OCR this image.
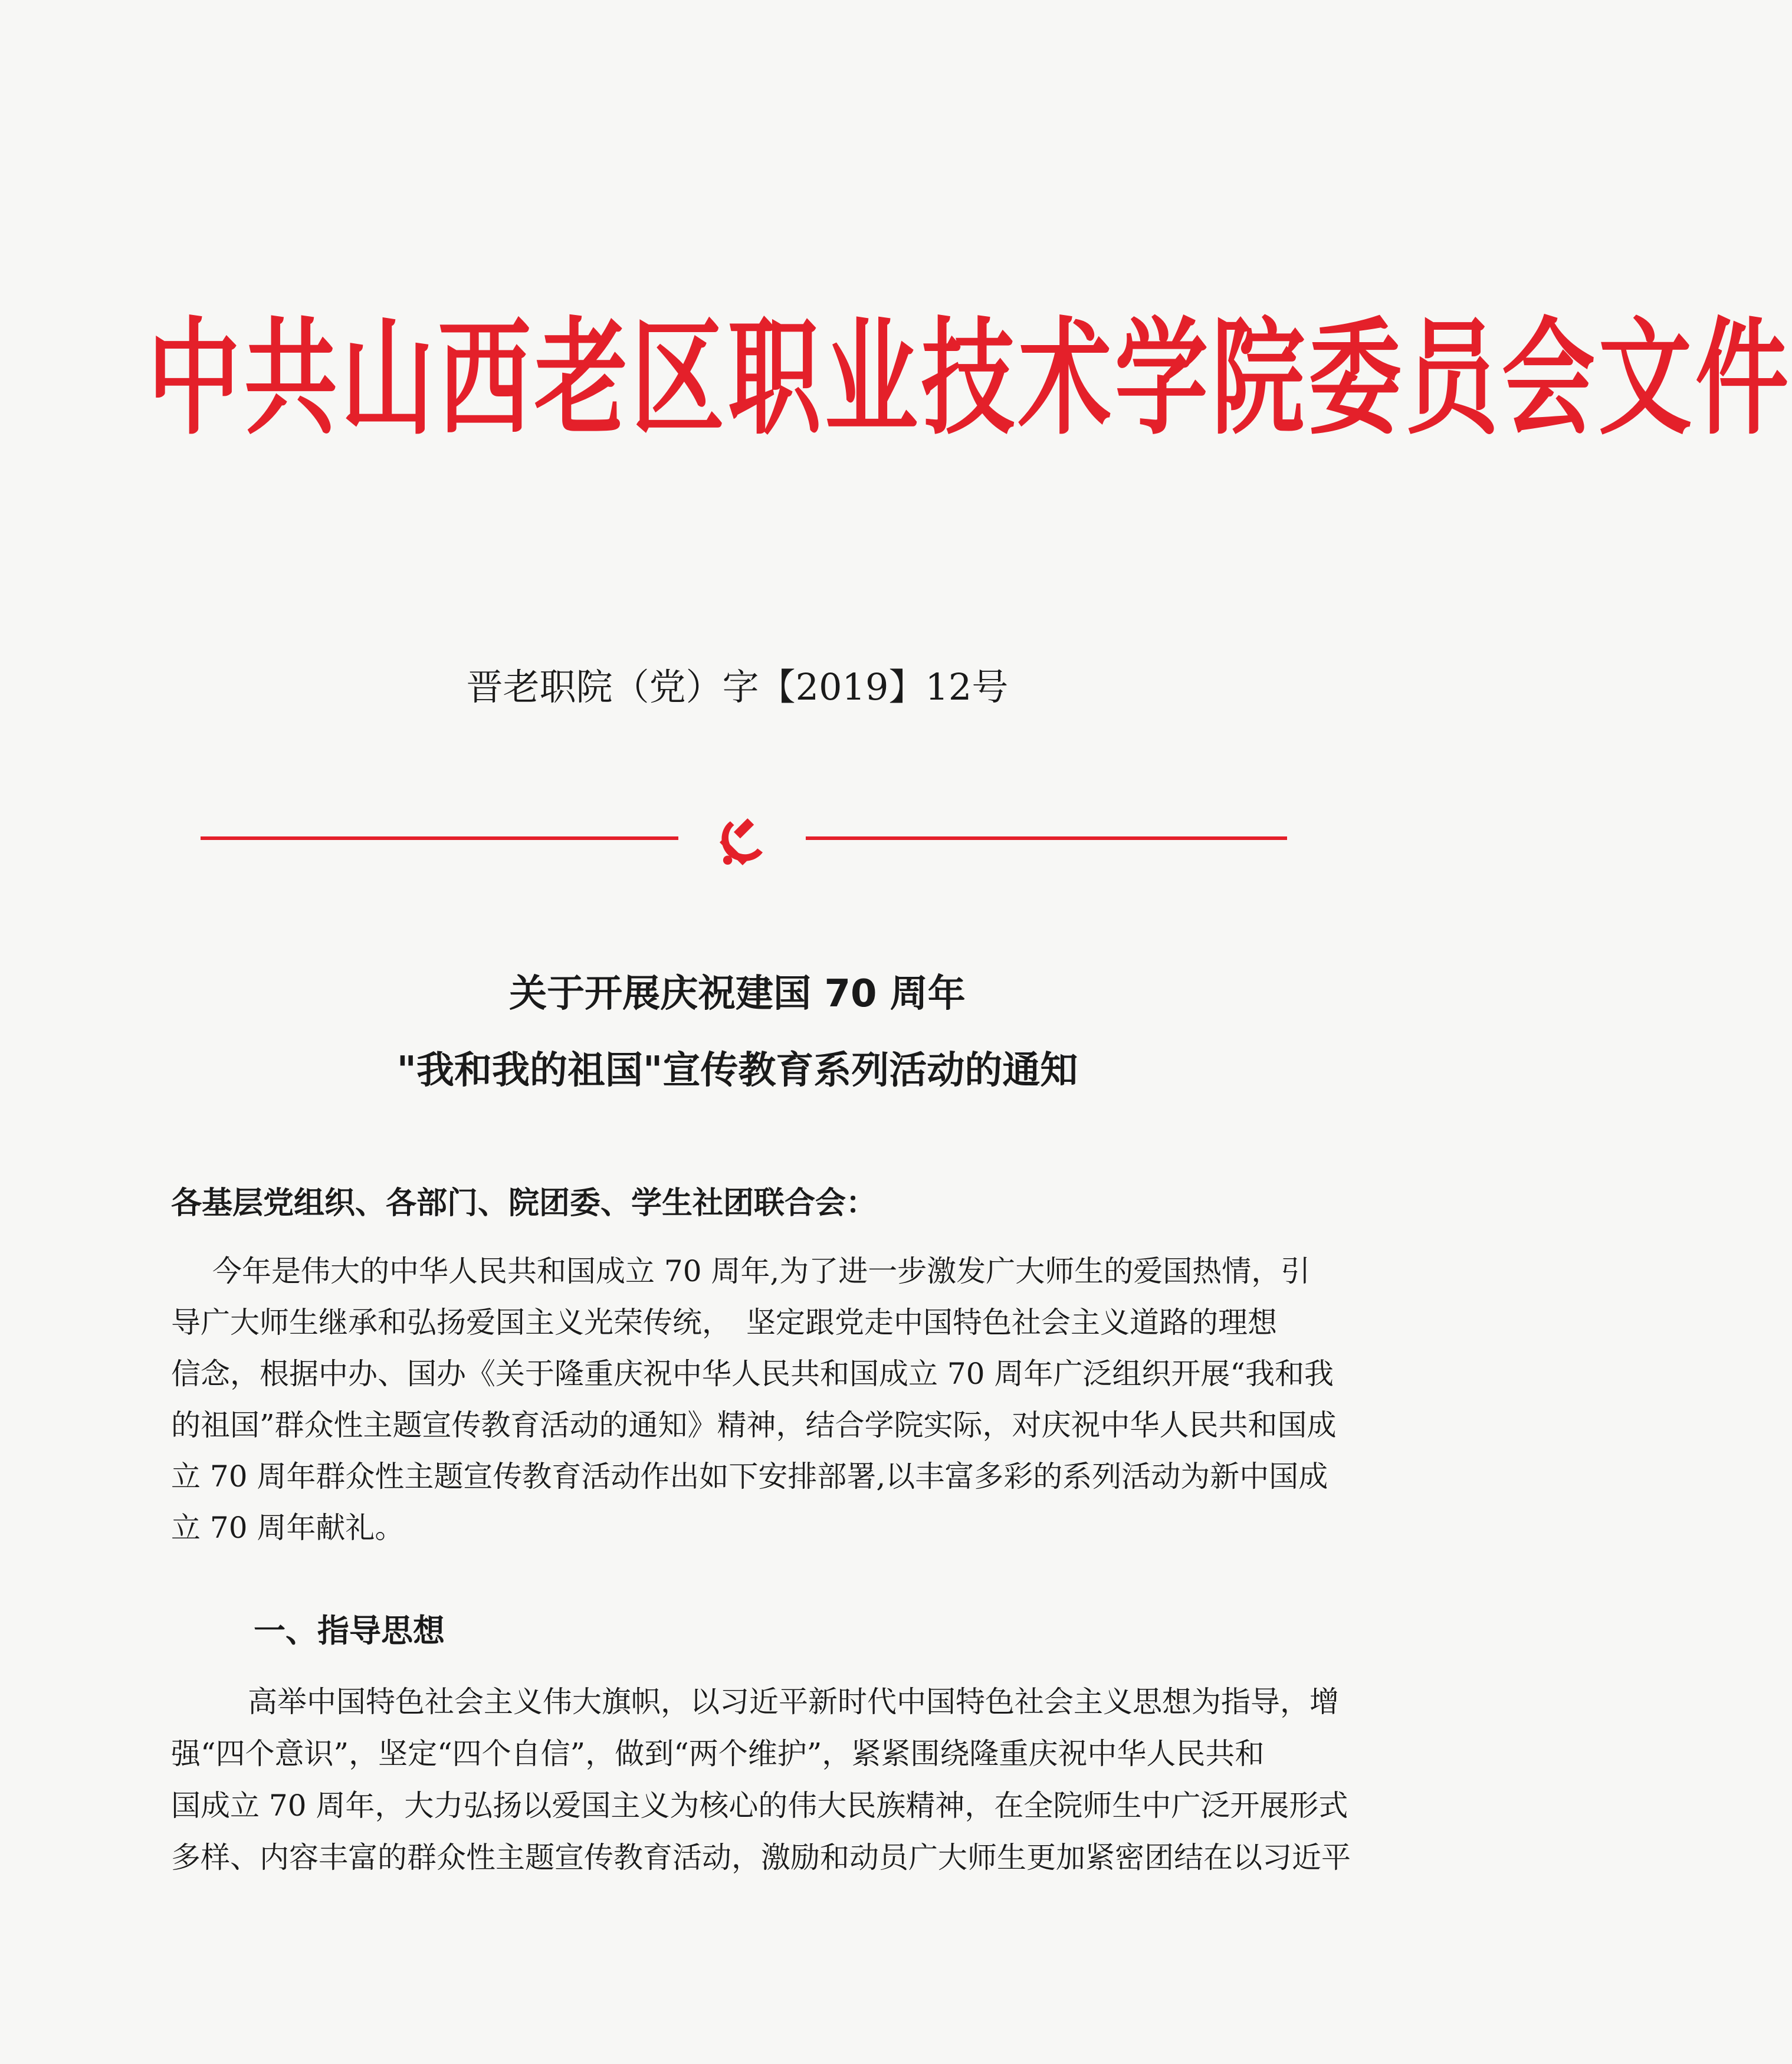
中共山西老区职业技术学院委员会文件
晋老职院（党）字【2019】12号
关于开展庆祝建国 70 周年
"我和我的祖国"宣传教育系列活动的通知
各基层党组织、各部门、院团委、学生社团联合会：
今年是伟大的中华人民共和国成立 70 周年,为了进一步激发广大师生的爱国热情，引
导广大师生继承和弘扬爱国主义光荣传统，　坚定跟党走中国特色社会主义道路的理想
信念，根据中办、国办《关于隆重庆祝中华人民共和国成立 70 周年广泛组织开展“我和我
的祖国”群众性主题宣传教育活动的通知》精神，结合学院实际，对庆祝中华人民共和国成
立 70 周年群众性主题宣传教育活动作出如下安排部署,以丰富多彩的系列活动为新中国成
立 70 周年献礼。
一、指导思想
高举中国特色社会主义伟大旗帜，以习近平新时代中国特色社会主义思想为指导，增
强“四个意识”，坚定“四个自信”，做到“两个维护”，紧紧围绕隆重庆祝中华人民共和
国成立 70 周年，大力弘扬以爱国主义为核心的伟大民族精神，在全院师生中广泛开展形式
多样、内容丰富的群众性主题宣传教育活动，激励和动员广大师生更加紧密团结在以习近平
